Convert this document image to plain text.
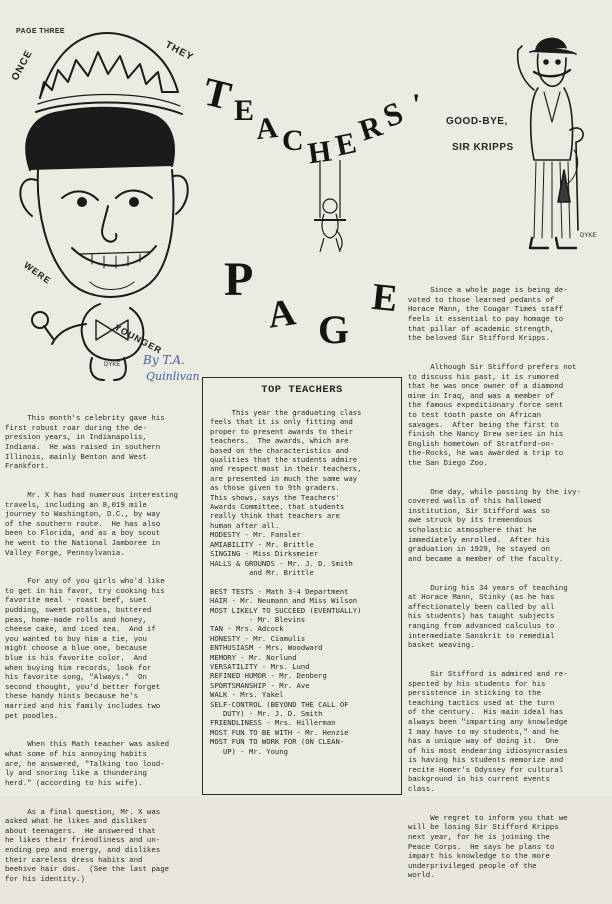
PAGE THREE
DYKE
ONCE	THEY
WERE
YOUNGER
By T.A.
Quinlivan
T
E
A C H E
R
S '
P
A G
E
DYKE
GOOD-BYE,
SIR KRIPPS

This month's celebrity gave his
first robust roar during the de-
pression years, in Indianapolis,
Indiana.  He was raised in southern
Illinois, mainly Benton and West
Frankfort.

Mr. X has had numerous interesting
travels, including an 8,019 mile
journey to Washington, D.C., by way
of the southern route.  He has also
been to Florida, and as a boy scout
he went to the National Jamboree in
Valley Forge, Pennsylvania.

For any of you girls who'd like
to get in his favor, try cooking his
favorite meal - roast beef, suet
pudding, sweet potatoes, buttered
peas, home-made rolls and honey,
cheese cake, and iced tea.  And if
you wanted to buy him a tie, you
might choose a blue one, because
blue is his favorite color.  And
when buying him records, look for
his favorite song, "Always."  On
second thought, you'd better forget
these handy hints because he's
married and his family includes two
pet poodles.

When this Math teacher was asked
what some of his annoying habits
are, he answered, "Talking too loud-
ly and snoring like a thundering
herd." (according to his wife).

As a final question, Mr. X was
asked what he likes and dislikes
about teenagers.  He answered that
he likes their friendliness and un-
ending pep and energy, and dislikes
their careless dress habits and
beehive hair dos.  (See the last page
for his identity.)

TOP TEACHERS
This year the graduating class
feels that it is only fitting and
proper to present awards to their
teachers.  The awards, which are
based on the characteristics and
qualities that the students admire
and respect most in their teachers,
are presented in much the same way
as those given to 9th graders.
This shows, says the Teachers'
Awards Committee, that students
really think that teachers are
human after all.
MODESTY - Mr. Fansler
AMIABILITY - Mr. Brittle
SINGING - Miss Dirksmeier
HALLS & GROUNDS - Mr. J. D. Smith
and Mr. Brittle

BEST TESTS - Math 3-4 Department
HAIR - Mr. Neumann and Miss Wilson
MOST LIKELY TO SUCCEED (EVENTUALLY)
- Mr. Blevins
TAN - Mrs. Adcock
HONESTY - Mr. Ciamulis
ENTHUSIASM - Mrs. Woodward
MEMORY - Mr. Norlund
VERSATILITY - Mrs. Lund
REFINED HUMOR - Mr. Denberg
SPORTSMANSHIP - Mr. Ave
WALK - Mrs. Yakel
SELF-CONTROL (BEYOND THE CALL OF
DUTY) - Mr. J. D. Smith
FRIENDLINESS - Mrs. Hillerman
MOST FUN TO BE WITH - Mr. Henzie
MOST FUN TO WORK FOR (ON CLEAN-
UP) - Mr. Young

Since a whole page is being de-
voted to those learned pedants of
Horace Mann, the Cougar Times staff
feels it essential to pay homage to
that pillar of academic strength,
the beloved Sir Stifford Kripps.

Although Sir Stifford prefers not
to discuss his past, it is rumored
that he was once owner of a diamond
mine in Iraq, and was a member of
the famous expeditionary force sent
to test tooth paste on African
savages.  After being the first to
finish the Nancy Drew series in his
English hometown of Stratford-on-
the-Rocks, he was awarded a trip to
the San Diego Zoo.

One day, while passing by the ivy-
covered walls of this hallowed
institution, Sir Stifford was so
awe struck by its tremendous
scholastic atmosphere that he
immediately enrolled.  After his
graduation in 1929, he stayed on
and became a member of the faculty.

During his 34 years of teaching
at Horace Mann, Stinky (as he has
affectionately been called by all
his students) has taught subjects
ranging from advanced calculus to
intermediate Sanskrit to remedial
basket weaving.

Sir Stifford is admired and re-
spected by his students for his
persistence in sticking to the
teaching tactics used at the turn
of the century.  His main ideal has
always been "imparting any knowledge
I may have to my students," and he
has a unique way of doing it.  One
of his most endearing idiosyncrasies
is having his students memorize and
recite Homer's Odyssey for cultural
background in his current events
class.

We regret to inform you that we
will be losing Sir Stifford Kripps
next year, for he is joining the
Peace Corps.  He says he plans to
impart his knowledge to the more
underprivileged people of the
world.
